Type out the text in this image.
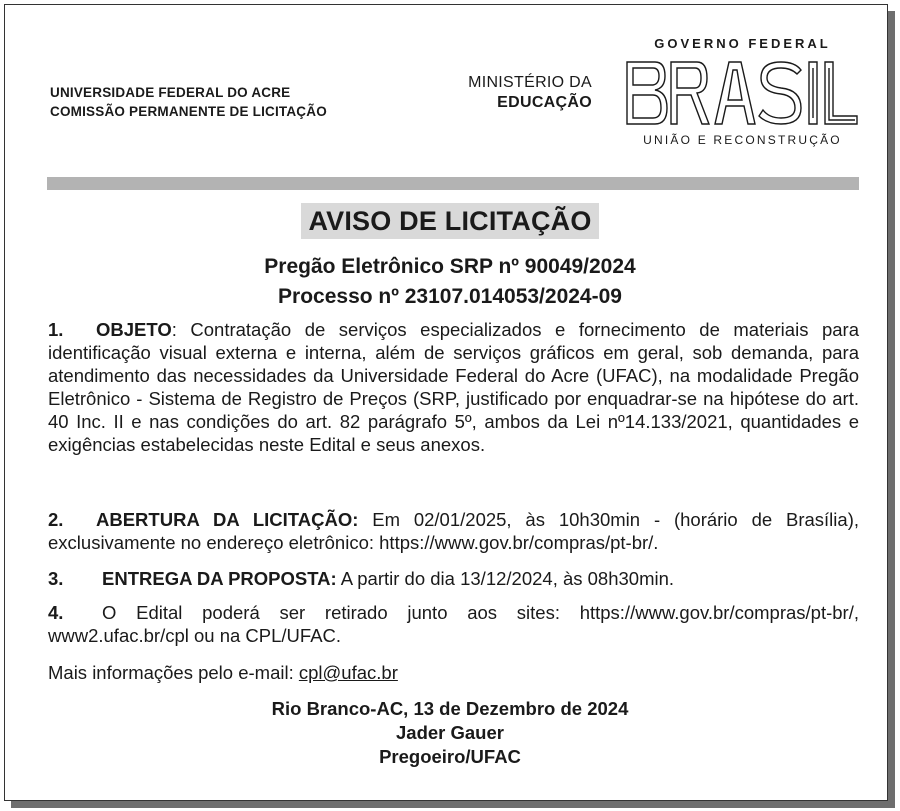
UNIVERSIDADE FEDERAL DO ACRE
COMISSÃO PERMANENTE DE LICITAÇÃO
MINISTÉRIO DA
EDUCAÇÃO
GOVERNO FEDERAL
UNIÃO E RECONSTRUÇÃO
AVISO DE LICITAÇÃO
Pregão Eletrônico SRP nº 90049/2024
Processo nº 23107.014053/2024-09
1. OBJETO: Contratação de serviços especializados e fornecimento de materiais para identificação visual externa e interna, além de serviços gráficos em geral, sob demanda, para atendimento das necessidades da Universidade Federal do Acre (UFAC), na modalidade Pregão Eletrônico - Sistema de Registro de Preços (SRP, justificado por enquadrar-se na hipótese do art. 40 Inc. II e nas condições do art. 82 parágrafo 5º, ambos da Lei nº14.133/2021, quantidades e exigências estabelecidas neste Edital e seus anexos.
2. ABERTURA DA LICITAÇÃO: Em 02/01/2025, às 10h30min - (horário de Brasília), exclusivamente no endereço eletrônico: https://www.gov.br/compras/pt-br/.
3. ENTREGA DA PROPOSTA: A partir do dia 13/12/2024, às 08h30min.
4. O Edital poderá ser retirado junto aos sites: https://www.gov.br/compras/pt-br/, www2.ufac.br/cpl ou na CPL/UFAC.
Mais informações pelo e-mail: cpl@ufac.br
Rio Branco-AC, 13 de Dezembro de 2024
Jader Gauer
Pregoeiro/UFAC
